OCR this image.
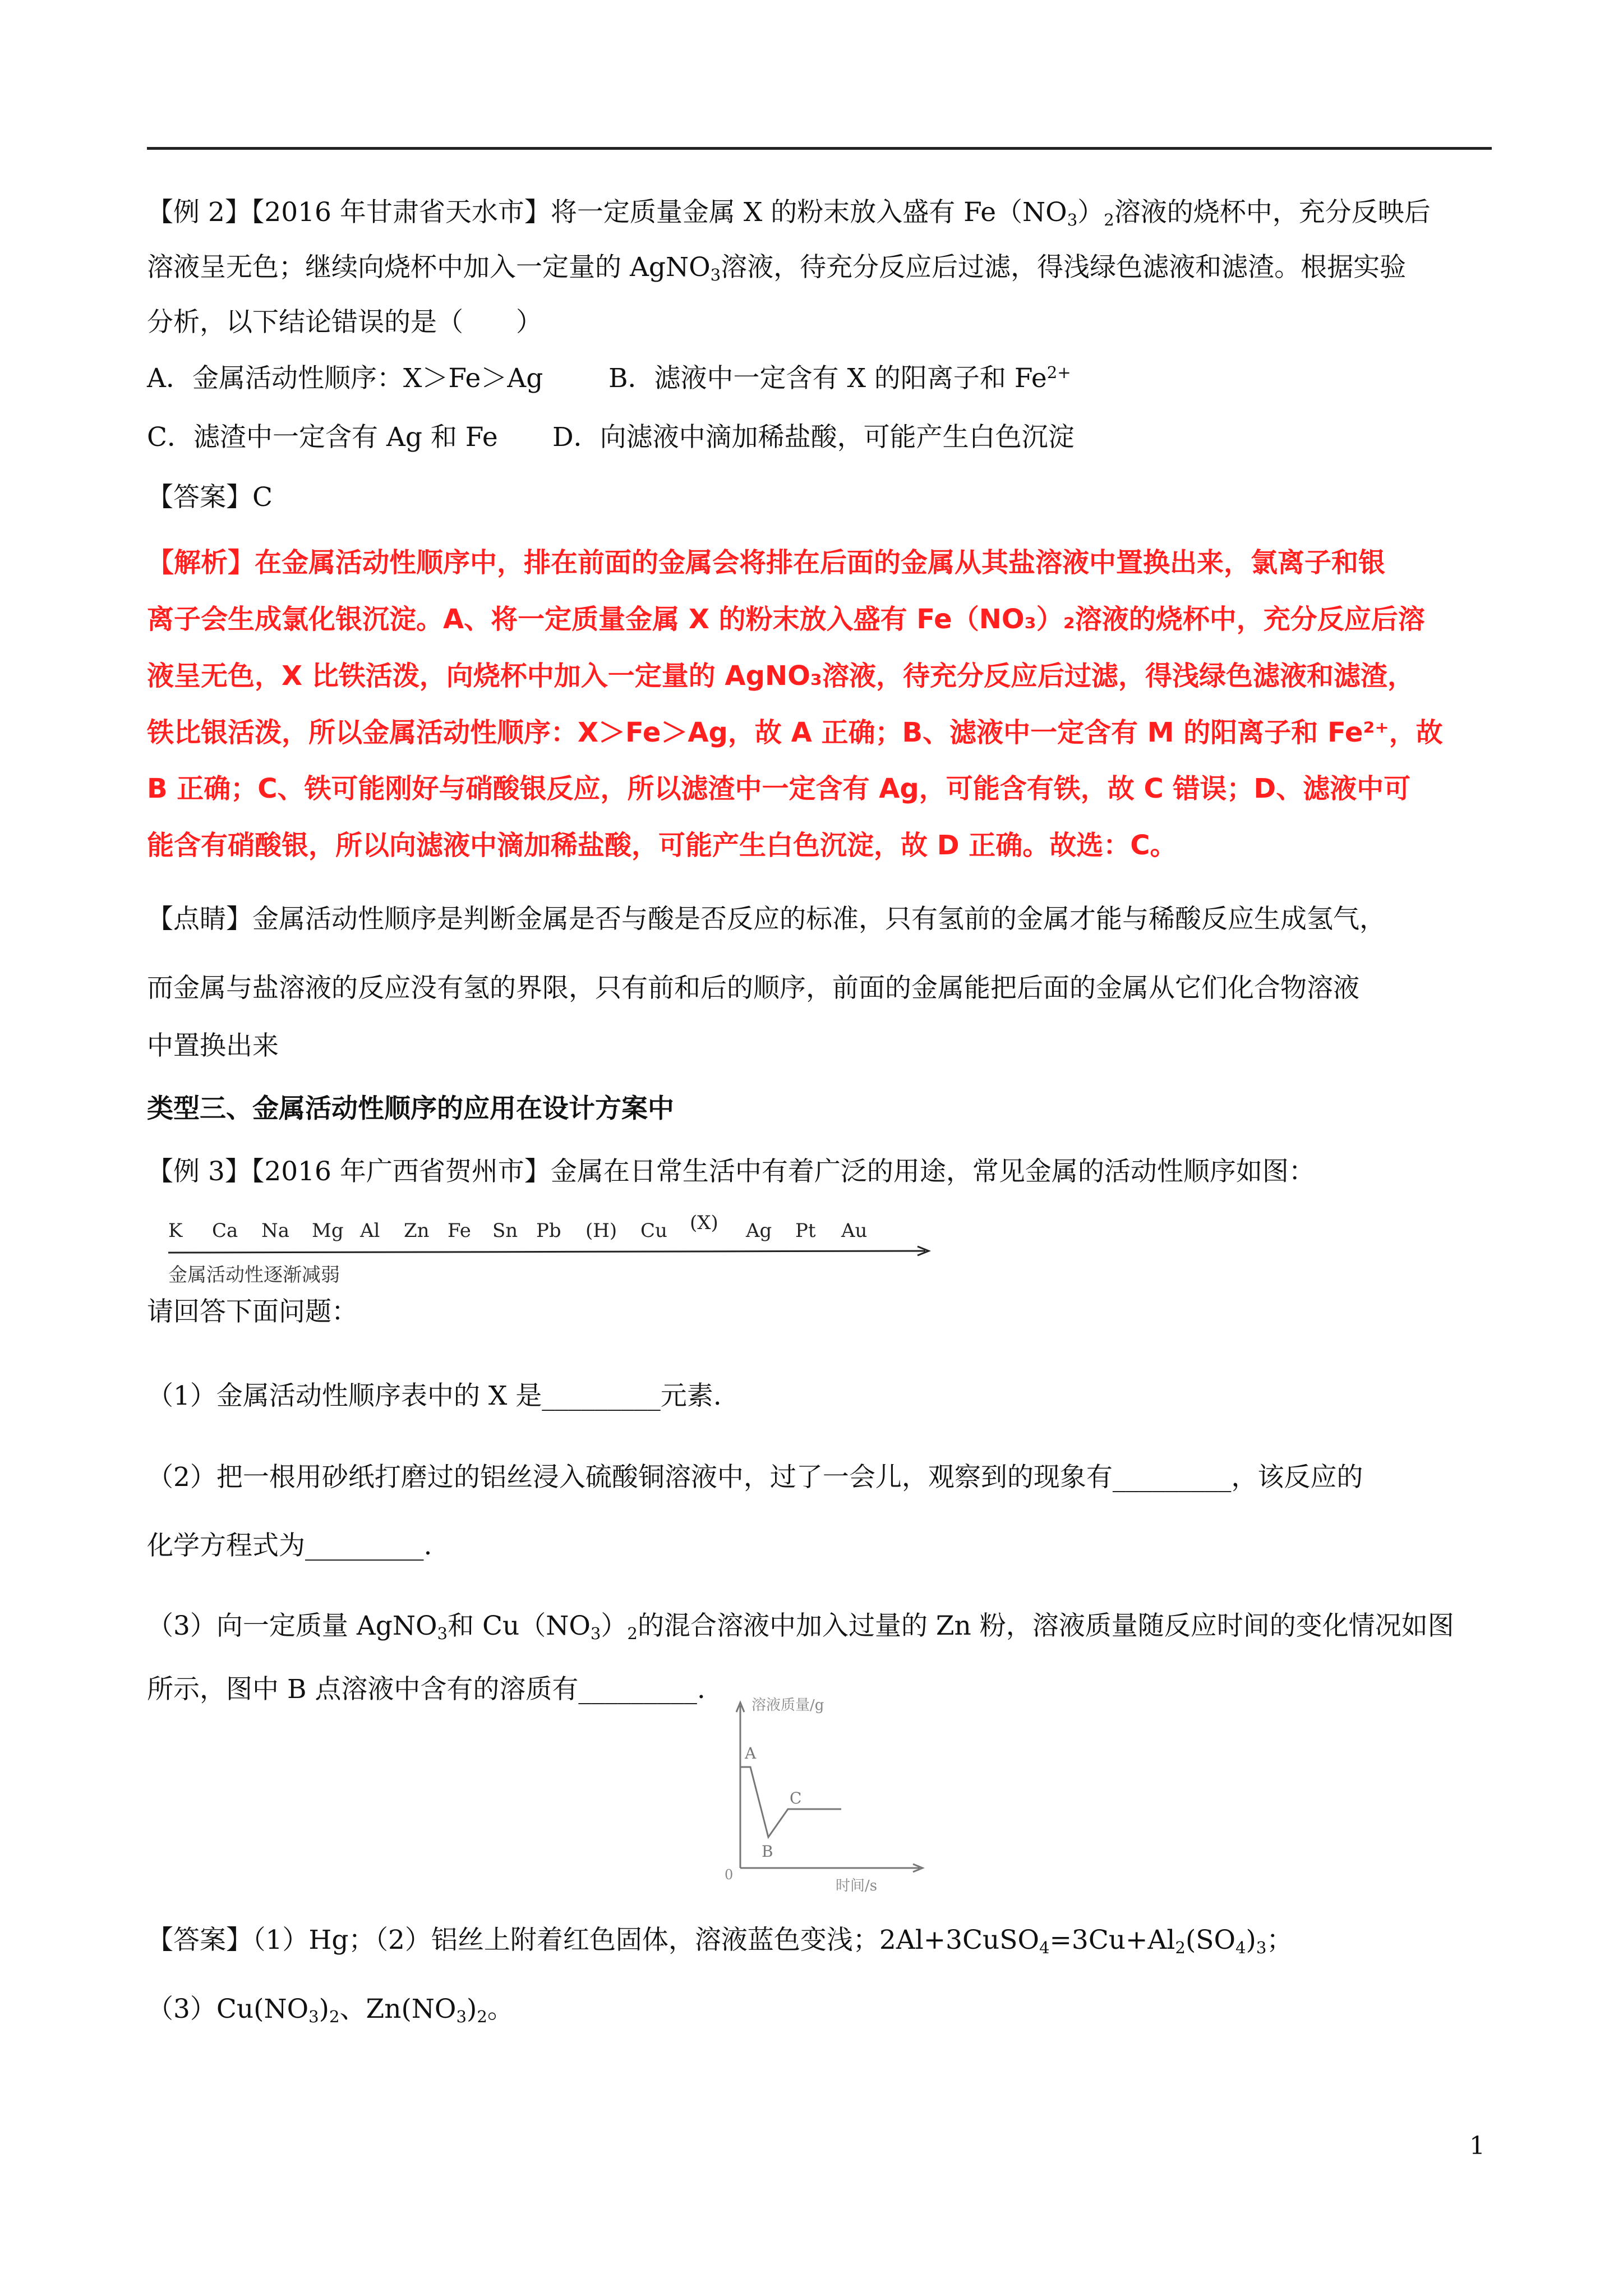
【例 2】【2016 年甘肃省天水市】将一定质量金属 X 的粉末放入盛有 $Fe(NO_3)_2$溶液的烧杯中，充分反映后
溶液呈无色；继续向烧杯中加入一定量的 AgNO$_3$溶液，待充分反应后过滤，得浅绿色滤液和滤渣。根据实验
分析，以下结论错误的是（　　）
A．金属活动性顺序：X＞Fe＞Ag B．滤液中一定含有 X 的阳离子和 $Fe^{2+}$
C．滤渣中一定含有 Ag 和 Fe D．向滤液中滴加稀盐酸，可能产生白色沉淀
【答案】C
【解析】在金属活动性顺序中，排在前面的金属会将排在后面的金属从其盐溶液中置换出来，氯离子和银
离子会生成氯化银沉淀。A、将一定质量金属 X 的粉末放入盛有 Fe（NO₃）₂溶液的烧杯中，充分反应后溶
液呈无色，X 比铁活泼，向烧杯中加入一定量的 AgNO₃溶液，待充分反应后过滤，得浅绿色滤液和滤渣，
铁比银活泼，所以金属活动性顺序：X＞Fe＞Ag，故 A 正确；B、滤液中一定含有 M 的阳离子和 Fe²⁺，故
B 正确；C、铁可能刚好与硝酸银反应，所以滤渣中一定含有 Ag，可能含有铁，故 C 错误；D、滤液中可
能含有硝酸银，所以向滤液中滴加稀盐酸，可能产生白色沉淀，故 D 正确。故选：C。
【点睛】金属活动性顺序是判断金属是否与酸是否反应的标准，只有氢前的金属才能与稀酸反应生成氢气，
而金属与盐溶液的反应没有氢的界限，只有前和后的顺序，前面的金属能把后面的金属从它们化合物溶液
中置换出来
类型三、金属活动性顺序的应用在设计方案中
【例 3】【2016 年广西省贺州市】金属在日常生活中有着广泛的用途，常见金属的活动性顺序如图：
金属活动性逐渐减弱
K Ca Na Mg Al Zn Fe Sn Pb (H) Cu (X) Ag Pt Au
请回答下面问题：
（1）金属活动性顺序表中的 X 是_________元素.
（2）把一根用砂纸打磨过的铝丝浸入硫酸铜溶液中，过了一会儿，观察到的现象有_________，该反应的
化学方程式为_________.
（3）向一定质量 AgNO$_3$和 $Cu(NO_3)_2$的混合溶液中加入过量的 Zn 粉，溶液质量随反应时间的变化情况如图
所示，图中 B 点溶液中含有的溶质有_________.
溶液质量/g
时间/s
0
A
B
C
【答案】（1）Hg；（2）铝丝上附着红色固体，溶液蓝色变浅；$2Al+3CuSO_4=3Cu+Al_2(SO_4)_3$；
$(3)Cu(NO_3)_2$、$Zn(NO_3)_2$。
1
